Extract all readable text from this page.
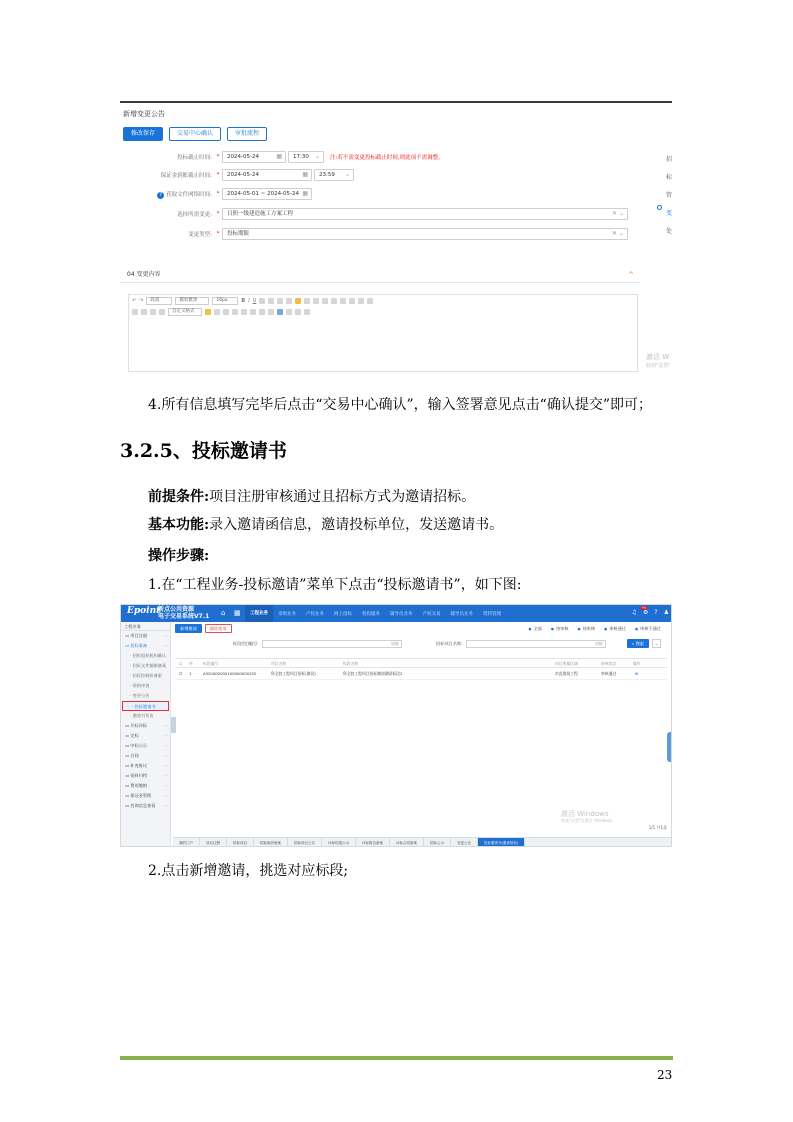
新增变更公告
修改保存	交易中心确认	审批流程
投标截止时间: *	2024-05-24	▦	17:30 ⌄ 注:若不需变更投标截止时间,则此项不需调整。
保证金到账截止时间: *	2024-05-24	▦	23:59 ⌄
? 获取文件网络时间: *	2024-05-01 ~ 2024-05-24 ▦
选择所需变更: *	日照一级建造施工方案工程	✕ ⌄
变更类型: *	投标期限	✕ ⌄
招
标
管
变
处
04 变更内容	^
↶ ↷	段落	微软雅黑	16px	B I U
自定义格式
激活 W
转到"设置"
4.所有信息填写完毕后点击“交易中心确认”，输入签署意见点击“确认提交”即可；
3.2.5、投标邀请书
前提条件:项目注册审核通过且招标方式为邀请招标。
基本功能:录入邀请函信息，邀请投标单位，发送邀请书。
操作步骤:
1.在“工程业务-投标邀请”菜单下点击“投标邀请书”，如下图:
Epoint
新点公共资源
电子交易系统V7.1 ⌂ ▦	工程业务	采购业务	产权业务	网上招标	机构服务	辅导员业务	产权交易	辅导员业务	资料管理
99
♫ ⚙ ? ♟
工程业务
▭ 项目注册	›
▭ 招标准备	›
· 招标组织机构确认
· 招标文件编制备案
· 招标控制价备案
· 资格审查
· 变更公告
· 投标邀请书
· 邀请书发布
▭ 开标评标	›
▭ 定标	›
▭ 中标公示	›
▭ 合同	›
▭ 补充协议	›
▭ 资料归档	›
▭ 费用缴纳	›
▭ 保证金管理	›
▭ 咨询信息查看 ›
新增邀请	删除邀请	● 全部	● 待审核	● 待审核	● 审核通过	● 审核不通过
标段(包)编号:	请输	招标项目名称:	请输	⌕ 搜索	⌄
☐ 序	标段编号	项目名称	标段名称	项目所属区域	审核状态	操作
☐ 1	A320000000100000000252	科全院工程项目招标(测试)	科全院工程项目投标邀请测试标段2	市直建筑工程	审核通过	⊞
激活 Windows
转到"设置"以激活 Windows
1/1 共1条
我的门户	项目注册	招标项目	招标组织备案	招标项目公告	评标结果公示	评标报告备案	评标合同备案	招标公示	变更公告	投标邀请书(邀请招标)
2.点击新增邀请，挑选对应标段;
23
